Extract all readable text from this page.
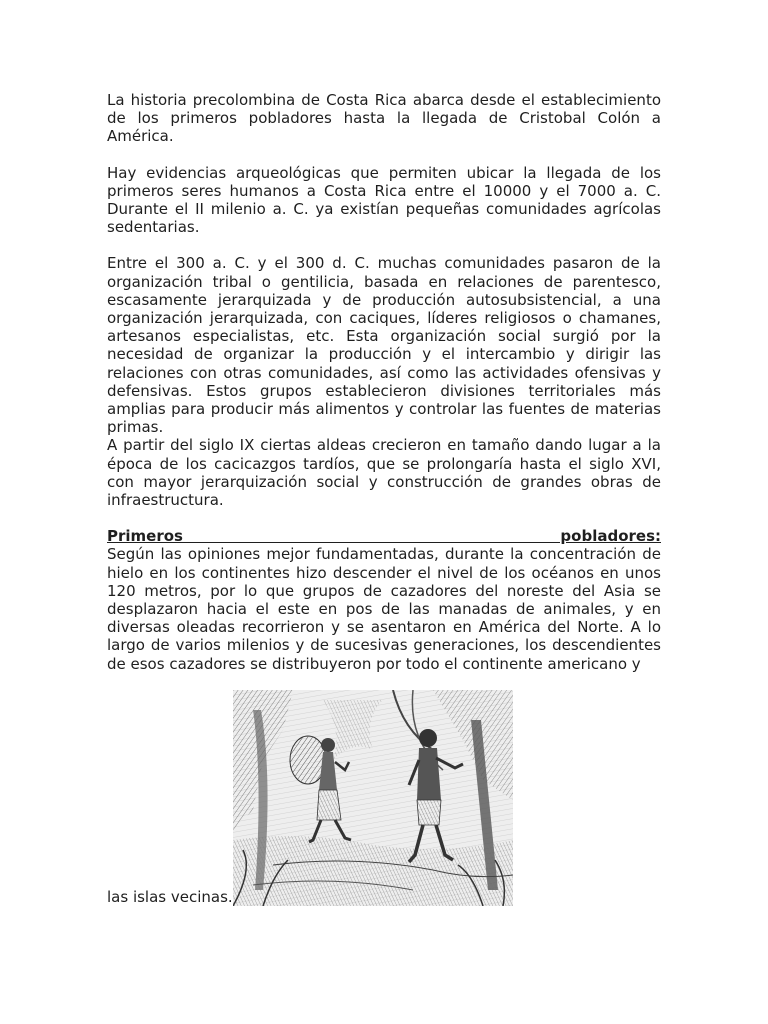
La historia precolombina de Costa Rica abarca desde el establecimiento de los primeros pobladores hasta la llegada de Cristobal Colón a América.

Hay evidencias arqueológicas que permiten ubicar la llegada de los primeros seres humanos a Costa Rica entre el 10000 y el 7000 a. C. Durante el II milenio a. C. ya existían pequeñas comunidades agrícolas sedentarias.

Entre el 300 a. C. y el 300 d. C. muchas comunidades pasaron de la organización tribal o gentilicia, basada en relaciones de parentesco, escasamente jerarquizada y de producción autosubsistencial, a una organización jerarquizada, con caciques, líderes religiosos o chamanes, artesanos especialistas, etc. Esta organización social surgió por la necesidad de organizar la producción y el intercambio y dirigir las relaciones con otras comunidades, así como las actividades ofensivas y defensivas. Estos grupos establecieron divisiones territoriales más amplias para producir más alimentos y controlar las fuentes de materias primas.

A partir del siglo IX ciertas aldeas crecieron en tamaño dando lugar a la época de los cacicazgos tardíos, que se prolongaría hasta el siglo XVI, con mayor jerarquización social y construcción de grandes obras de infraestructura.

Primeros pobladores:

Según las opiniones mejor fundamentadas, durante la concentración de hielo en los continentes hizo descender el nivel de los océanos en unos 120 metros, por lo que grupos de cazadores del noreste del Asia se desplazaron hacia el este en pos de las manadas de animales, y en diversas oleadas recorrieron y se asentaron en América del Norte. A lo largo de varios milenios y de sucesivas generaciones, los descendientes de esos cazadores se distribuyeron por todo el continente americano y

las islas vecinas.
